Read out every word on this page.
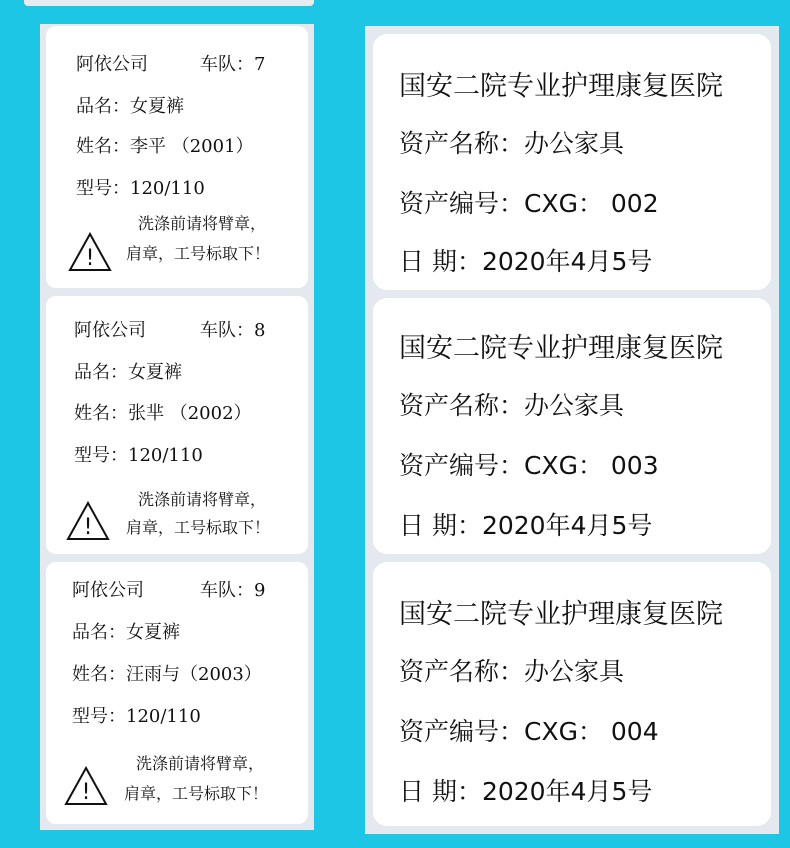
阿依公司	车队：7
品名：女夏裤
姓名：李平 （2001）
型号：120/110
!
洗涤前请将臂章，
肩章，工号标取下！
阿依公司	车队：8
品名：女夏裤
姓名：张芈 （2002）
型号：120/110
!
洗涤前请将臂章，
肩章，工号标取下！
阿依公司	车队：9
品名：女夏裤
姓名：汪雨与（2003）
型号：120/110
!
洗涤前请将臂章，
肩章，工号标取下！
国安二院专业护理康复医院
资产名称：办公家具
资产编号：CXG： 002
日 期：2020年4月5号
国安二院专业护理康复医院
资产名称：办公家具
资产编号：CXG： 003
日 期：2020年4月5号
国安二院专业护理康复医院
资产名称：办公家具
资产编号：CXG： 004
日 期：2020年4月5号
